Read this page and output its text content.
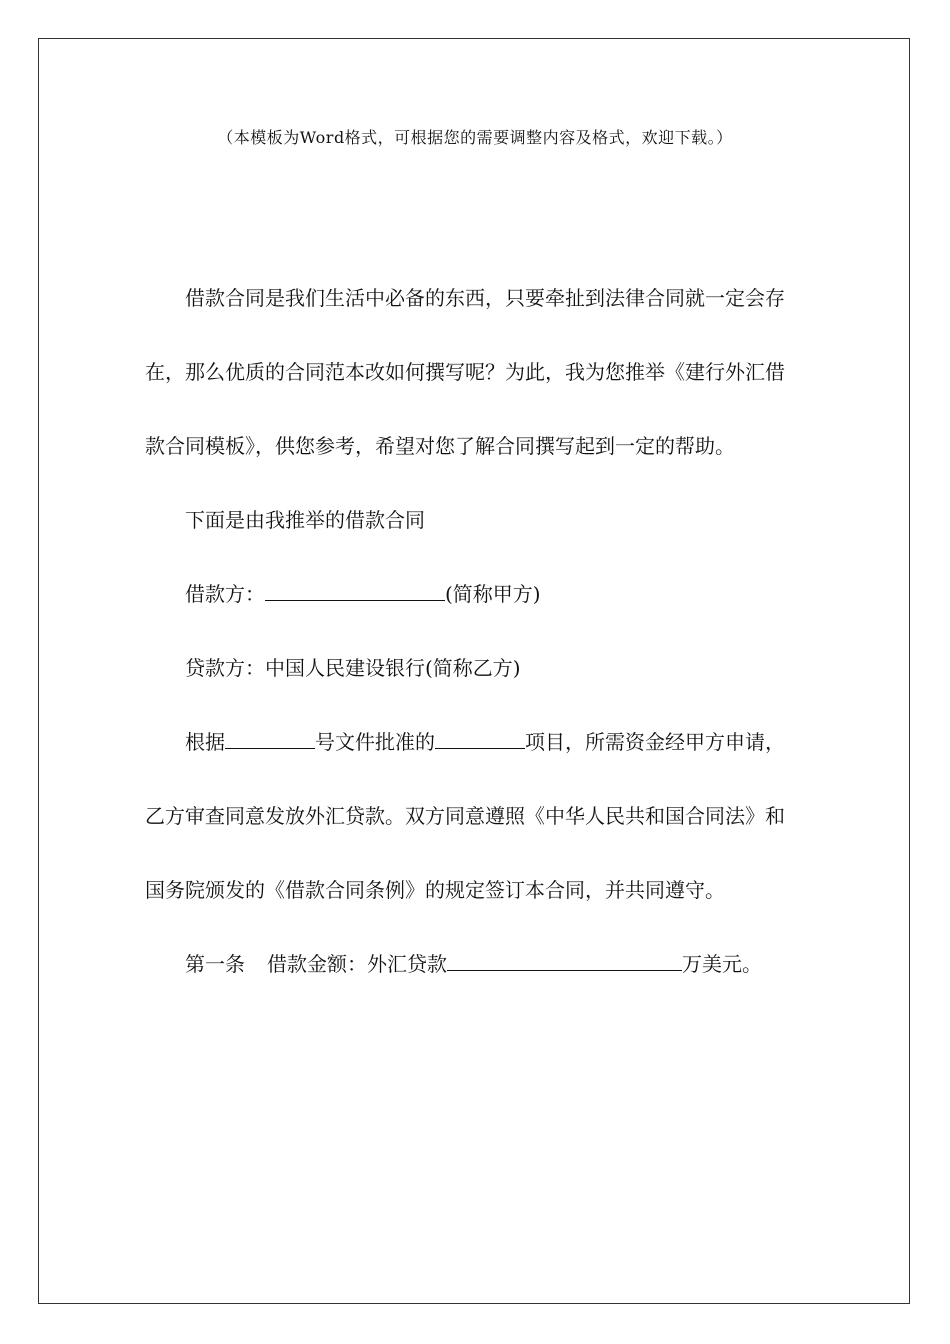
（本模板为Word格式，可根据您的需要调整内容及格式，欢迎下载。）

借款合同是我们生活中必备的东西，只要牵扯到法律合同就一定会存在，那么优质的合同范本改如何撰写呢？为此，我为您推举《建行外汇借款合同模板》，供您参考，希望对您了解合同撰写起到一定的帮助。

下面是由我推举的借款合同

借款方：	(简称甲方)

贷款方：中国人民建设银行(简称乙方)

根据	号文件批准的	项目，所需资金经甲方申请，乙方审查同意发放外汇贷款。双方同意遵照《中华人民共和国合同法》和国务院颁发的《借款合同条例》的规定签订本合同，并共同遵守。

第一条 借款金额：外汇贷款	万美元。
